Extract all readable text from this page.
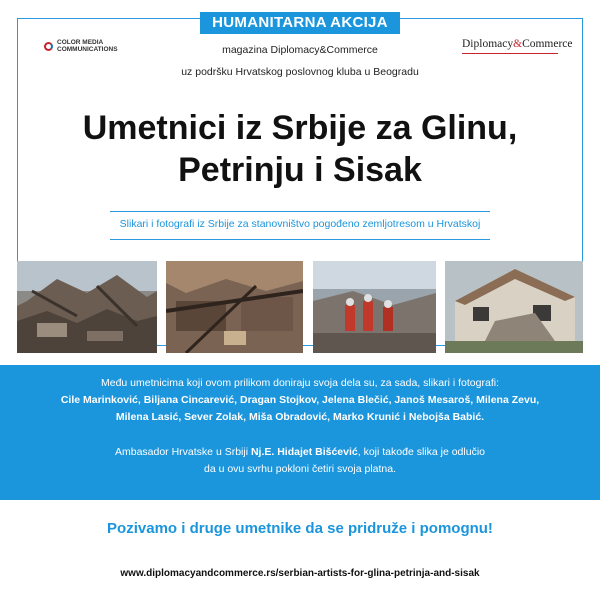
HUMANITARNA AKCIJA
COLOR MEDIA
COMMUNICATIONS	Diplomacy&Commerce
magazina Diplomacy&Commerce
uz podršku Hrvatskog poslovnog kluba u Beogradu
Umetnici iz Srbije za Glinu,
Petrinju i Sisak
Slikari i fotografi iz Srbije za stanovništvo pogođeno zemljotresom u Hrvatskoj
Među umetnicima koji ovom prilikom doniraju svoja dela su, za sada, slikari i fotografi:
Cile Marinković, Biljana Cincarević, Dragan Stojkov, Jelena Blečić, Janoš Mesaroš, Milena Zevu,
Milena Lasić, Sever Zolak, Miša Obradović, Marko Krunić i Nebojša Babić.
Ambasador Hrvatske u Srbiji Nj.E. Hidajet Bišćević, koji takođe slika je odlučio
da u ovu svrhu pokloni četiri svoja platna.
Pozivamo i druge umetnike da se pridruže i pomognu!
www.diplomacyandcommerce.rs/serbian-artists-for-glina-petrinja-and-sisak
